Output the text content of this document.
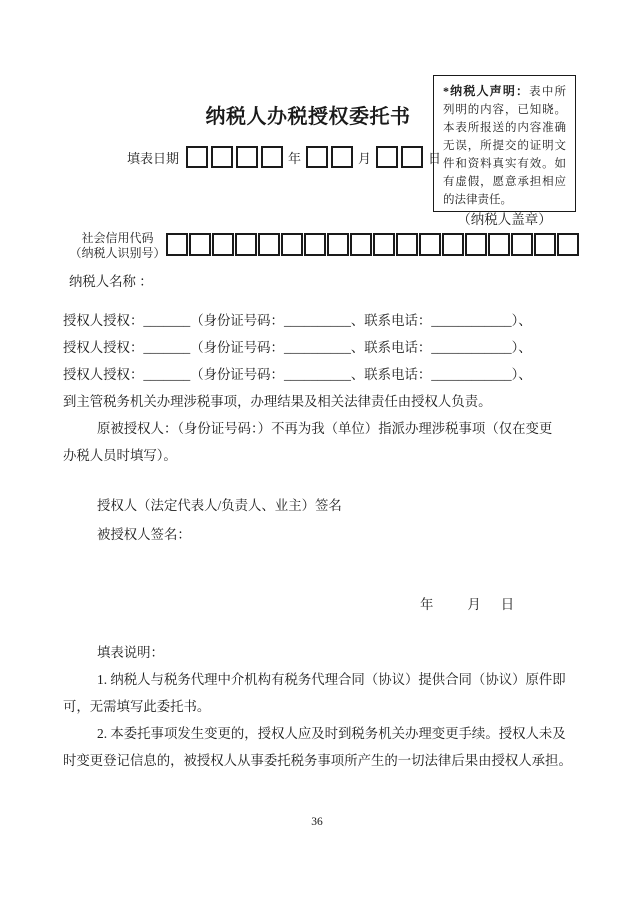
纳税人办税授权委托书
填表日期	年	月	日

*纳税人声明：表中所列明的内容，已知晓。本表所报送的内容准确无误，所提交的证明文件和资料真实有效。如有虚假，愿意承担相应的法律责任。

（纳税人盖章）
社会信用代码
（纳税人识别号）
纳税人名称 ：
授权人授权：_______（身份证号码：__________、联系电话：____________）、
授权人授权：_______（身份证号码：__________、联系电话：____________）、
授权人授权：_______（身份证号码：__________、联系电话：____________）、
到主管税务机关办理涉税事项，办理结果及相关法律责任由授权人负责。
原被授权人：（身份证号码：）不再为我（单位）指派办理涉税事项（仅在变更
办税人员时填写）。
授权人（法定代表人/负责人、业主）签名
被授权人签名：
年	月 日
填表说明：
1. 纳税人与税务代理中介机构有税务代理合同（协议）提供合同（协议）原件即
可，无需填写此委托书。
2. 本委托事项发生变更的，授权人应及时到税务机关办理变更手续。授权人未及
时变更登记信息的，被授权人从事委托税务事项所产生的一切法律后果由授权人承担。
36
